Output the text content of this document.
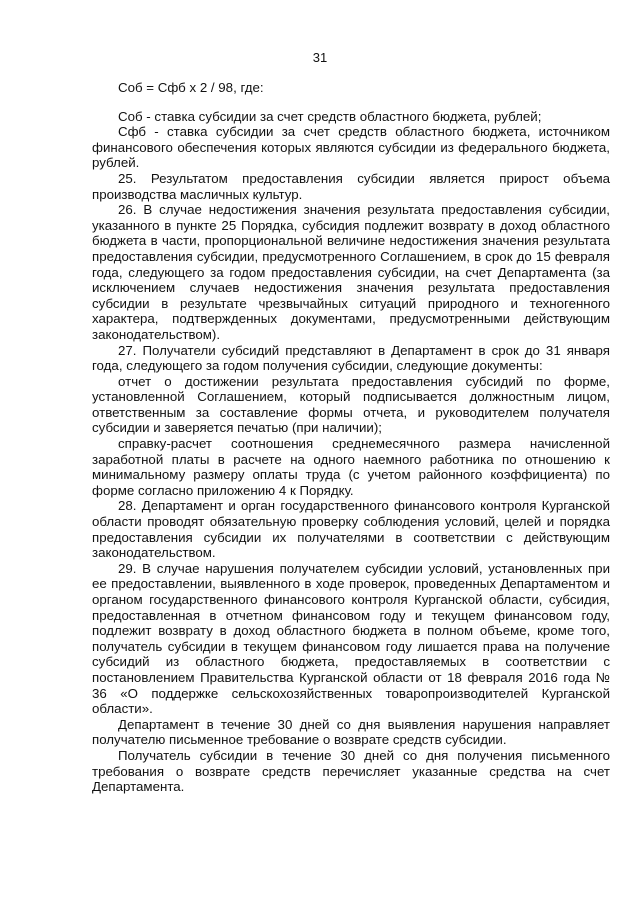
31
Соб = Сфб х 2 / 98, где:

Соб - ставка субсидии за счет средств областного бюджета, рублей;

Сфб - ставка субсидии за счет средств областного бюджета, источником финансового обеспечения которых являются субсидии из федерального бюджета, рублей.

25. Результатом предоставления субсидии является прирост объема производства масличных культур.

26. В случае недостижения значения результата предоставления субсидии, указанного в пункте 25 Порядка, субсидия подлежит возврату в доход областного бюджета в части, пропорциональной величине недостижения значения результата предоставления субсидии, предусмотренного Соглашением, в срок до 15 февраля года, следующего за годом предоставления субсидии, на счет Департамента (за исключением случаев недостижения значения результата предоставления субсидии в результате чрезвычайных ситуаций природного и техногенного характера, подтвержденных документами, предусмотренными действующим законодательством).

27. Получатели субсидий представляют в Департамент в срок до 31 января года, следующего за годом получения субсидии, следующие документы:

отчет о достижении результата предоставления субсидий по форме, установленной Соглашением, который подписывается должностным лицом, ответственным за составление формы отчета, и руководителем получателя субсидии и заверяется печатью (при наличии);

справку-расчет соотношения среднемесячного размера начисленной заработной платы в расчете на одного наемного работника по отношению к минимальному размеру оплаты труда (с учетом районного коэффициента) по форме согласно приложению 4 к Порядку.

28. Департамент и орган государственного финансового контроля Курганской области проводят обязательную проверку соблюдения условий, целей и порядка предоставления субсидии их получателями в соответствии с действующим законодательством.

29. В случае нарушения получателем субсидии условий, установленных при ее предоставлении, выявленного в ходе проверок, проведенных Департаментом и органом государственного финансового контроля Курганской области, субсидия, предоставленная в отчетном финансовом году и текущем финансовом году, подлежит возврату в доход областного бюджета в полном объеме, кроме того, получатель субсидии в текущем финансовом году лишается права на получение субсидий из областного бюджета, предоставляемых в соответствии с постановлением Правительства Курганской области от 18 февраля 2016 года № 36 «О поддержке сельскохозяйственных товаропроизводителей Курганской области».

Департамент в течение 30 дней со дня выявления нарушения направляет получателю письменное требование о возврате средств субсидии.

Получатель субсидии в течение 30 дней со дня получения письменного требования о возврате средств перечисляет указанные средства на счет Департамента.
